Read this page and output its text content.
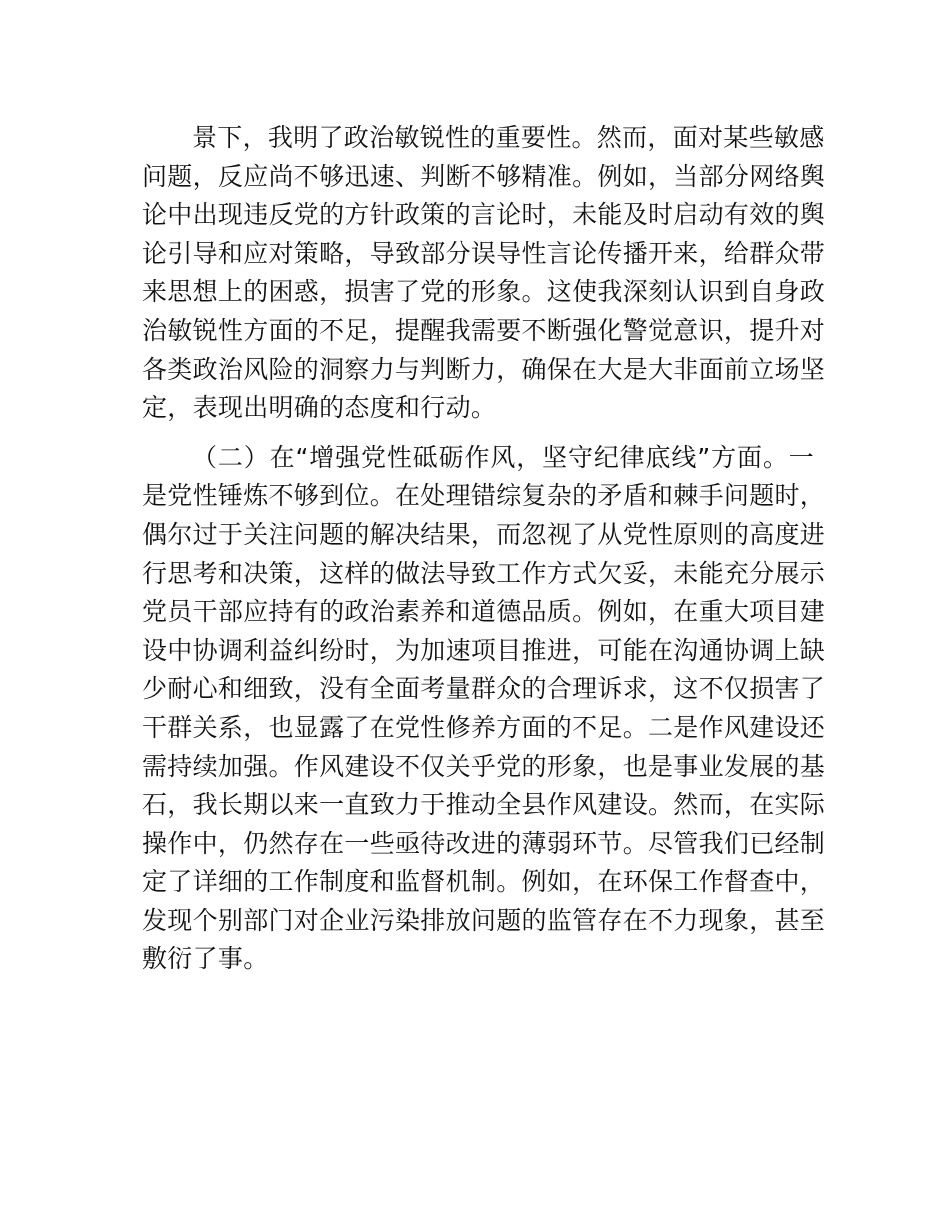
景下，我明了政治敏锐性的重要性。然而，面对某些敏感
问题，反应尚不够迅速、判断不够精准。例如，当部分网络舆
论中出现违反党的方针政策的言论时，未能及时启动有效的舆
论引导和应对策略，导致部分误导性言论传播开来，给群众带
来思想上的困惑，损害了党的形象。这使我深刻认识到自身政
治敏锐性方面的不足，提醒我需要不断强化警觉意识，提升对
各类政治风险的洞察力与判断力，确保在大是大非面前立场坚
定，表现出明确的态度和行动。
（二）在“增强党性砥砺作风，坚守纪律底线”方面。一
是党性锤炼不够到位。在处理错综复杂的矛盾和棘手问题时，
偶尔过于关注问题的解决结果，而忽视了从党性原则的高度进
行思考和决策，这样的做法导致工作方式欠妥，未能充分展示
党员干部应持有的政治素养和道德品质。例如，在重大项目建
设中协调利益纠纷时，为加速项目推进，可能在沟通协调上缺
少耐心和细致，没有全面考量群众的合理诉求，这不仅损害了
干群关系，也显露了在党性修养方面的不足。二是作风建设还
需持续加强。作风建设不仅关乎党的形象，也是事业发展的基
石，我长期以来一直致力于推动全县作风建设。然而，在实际
操作中，仍然存在一些亟待改进的薄弱环节。尽管我们已经制
定了详细的工作制度和监督机制。例如，在环保工作督查中，
发现个别部门对企业污染排放问题的监管存在不力现象，甚至
敷衍了事。
